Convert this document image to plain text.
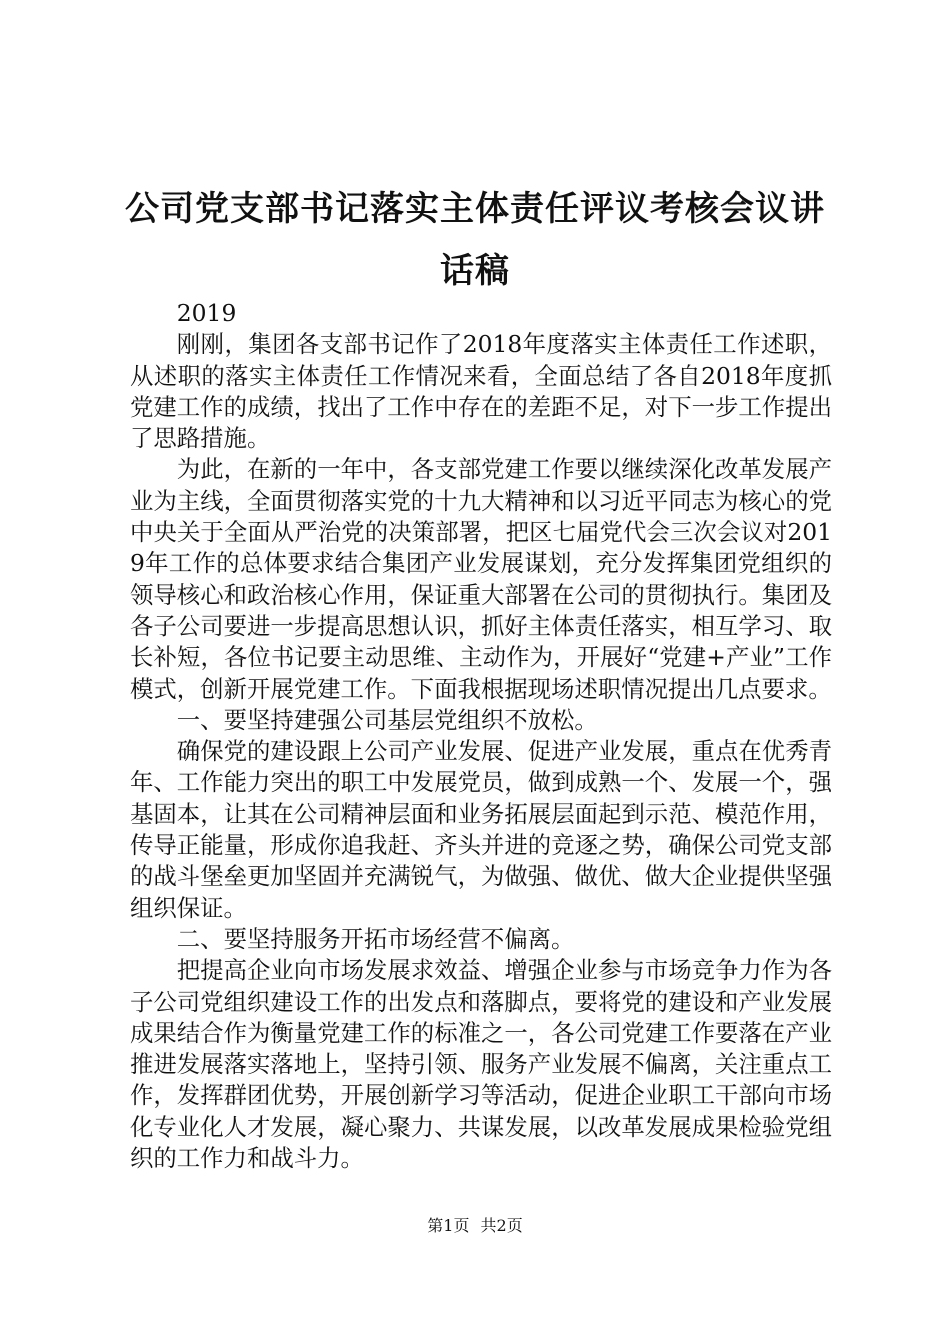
公司党支部书记落实主体责任评议考核会议讲
话稿

2019

刚刚，集团各支部书记作了2018年度落实主体责任工作述职，从述职的落实主体责任工作情况来看，全面总结了各自2018年度抓党建工作的成绩，找出了工作中存在的差距不足，对下一步工作提出了思路措施。

为此，在新的一年中，各支部党建工作要以继续深化改革发展产业为主线，全面贯彻落实党的十九大精神和以习近平同志为核心的党中央关于全面从严治党的决策部署，把区七届党代会三次会议对2019年工作的总体要求结合集团产业发展谋划，充分发挥集团党组织的领导核心和政治核心作用，保证重大部署在公司的贯彻执行。集团及各子公司要进一步提高思想认识，抓好主体责任落实，相互学习、取长补短，各位书记要主动思维、主动作为，开展好“党建+产业”工作模式，创新开展党建工作。下面我根据现场述职情况提出几点要求。

一、要坚持建强公司基层党组织不放松。

确保党的建设跟上公司产业发展、促进产业发展，重点在优秀青年、工作能力突出的职工中发展党员，做到成熟一个、发展一个，强基固本，让其在公司精神层面和业务拓展层面起到示范、模范作用，传导正能量，形成你追我赶、齐头并进的竞逐之势，确保公司党支部的战斗堡垒更加坚固并充满锐气，为做强、做优、做大企业提供坚强组织保证。

二、要坚持服务开拓市场经营不偏离。

把提高企业向市场发展求效益、增强企业参与市场竞争力作为各子公司党组织建设工作的出发点和落脚点，要将党的建设和产业发展成果结合作为衡量党建工作的标准之一，各公司党建工作要落在产业推进发展落实落地上，坚持引领、服务产业发展不偏离，关注重点工作，发挥群团优势，开展创新学习等活动，促进企业职工干部向市场化专业化人才发展，凝心聚力、共谋发展，以改革发展成果检验党组织的工作力和战斗力。

第1页 共2页
